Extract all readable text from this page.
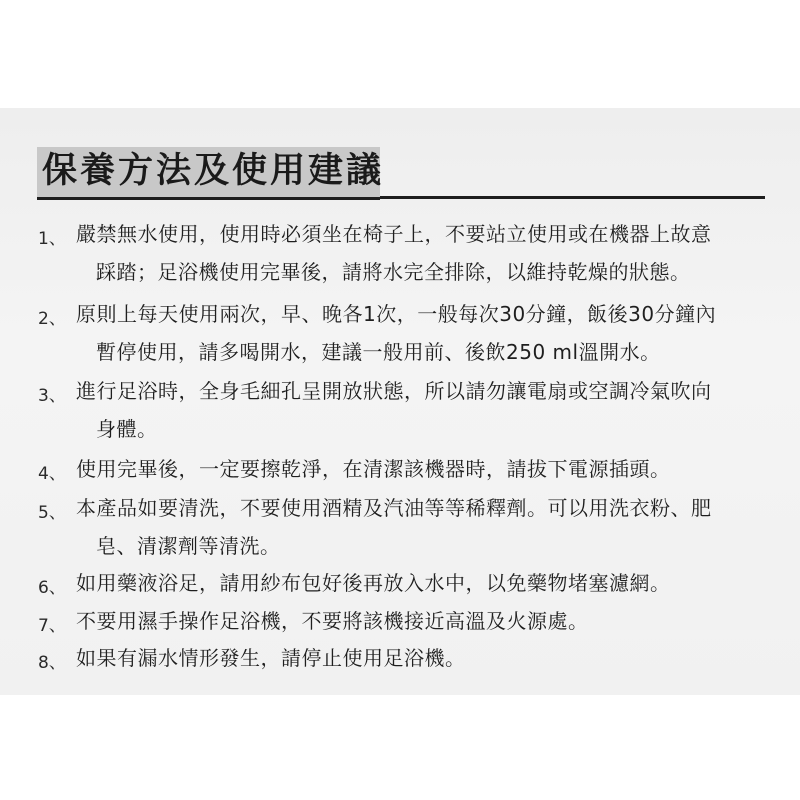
保養方法及使用建議
1、 嚴禁無水使用，使用時必須坐在椅子上，不要站立使用或在機器上故意
踩踏；足浴機使用完畢後，請將水完全排除，以維持乾燥的狀態。
2、 原則上每天使用兩次，早、晚各1次，一般每次30分鐘，飯後30分鐘內
暫停使用，請多喝開水，建議一般用前、後飲250 ml溫開水。
3、 進行足浴時，全身毛細孔呈開放狀態，所以請勿讓電扇或空調冷氣吹向
身體。
4、 使用完畢後，一定要擦乾淨，在清潔該機器時，請拔下電源插頭。
5、 本產品如要清洗，不要使用酒精及汽油等等稀釋劑。可以用洗衣粉、肥
皂、清潔劑等清洗。
6、 如用藥液浴足，請用紗布包好後再放入水中，以免藥物堵塞濾網。
7、 不要用濕手操作足浴機，不要將該機接近高溫及火源處。
8、 如果有漏水情形發生，請停止使用足浴機。
